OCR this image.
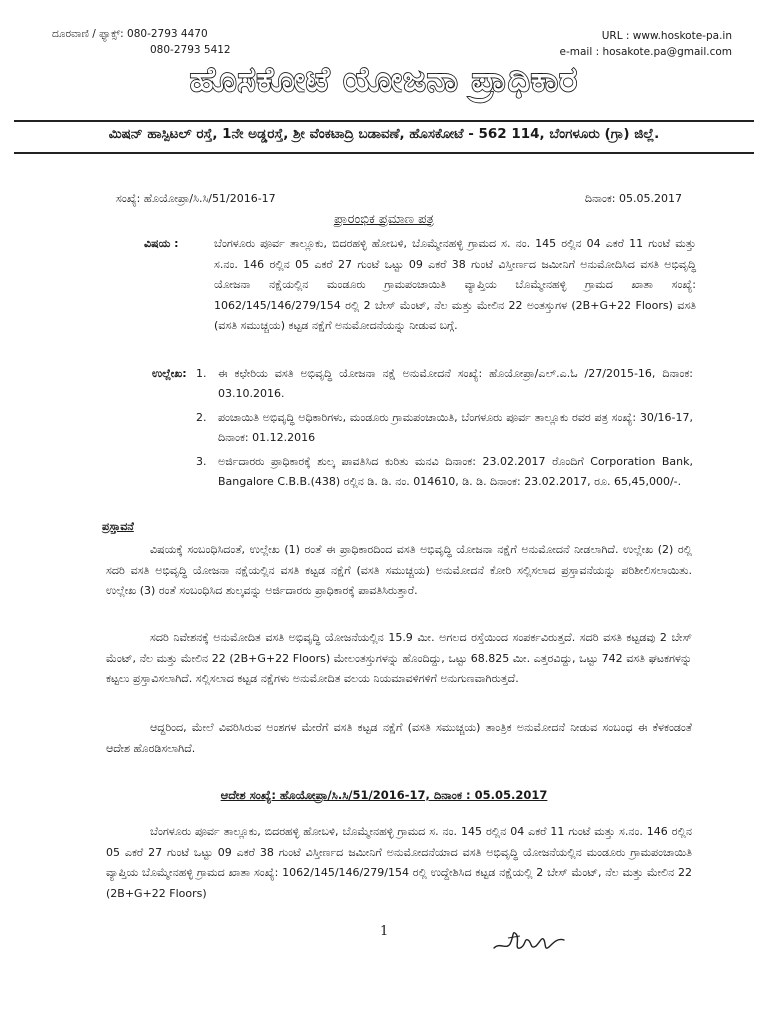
ದೂರವಾಣಿ / ಫ್ಯಾಕ್ಸ್: 080-2793 4470
080-2793 5412
URL : www.hoskote-pa.in
e-mail : hosakote.pa@gmail.com
ಹೊಸಕೋಟೆ ಯೋಜನಾ ಪ್ರಾಧಿಕಾರ
ಮಿಷನ್ ಹಾಸ್ಪಿಟಲ್ ರಸ್ತೆ, 1ನೇ ಅಡ್ಡರಸ್ತೆ, ಶ್ರೀ ವೆಂಕಟಾದ್ರಿ ಬಡಾವಣೆ, ಹೊಸಕೋಟೆ - 562 114, ಬೆಂಗಳೂರು (ಗ್ರಾ) ಜಿಲ್ಲೆ.
ಸಂಖ್ಯೆ: ಹೊಯೋಪ್ರಾ/ಸಿ.ಸಿ/51/2016-17	ದಿನಾಂಕ: 05.05.2017
ಪ್ರಾರಂಭಿಕ ಪ್ರಮಾಣ ಪತ್ರ
ವಿಷಯ :	ಬೆಂಗಳೂರು ಪೂರ್ವ ತಾಲ್ಲೂಕು, ಬಿದರಹಳ್ಳಿ ಹೋಬಳಿ, ಬೊಮ್ಮೇನಹಳ್ಳಿ ಗ್ರಾಮದ ಸ. ನಂ. 145 ರಲ್ಲಿನ 04 ಎಕರೆ 11 ಗುಂಟೆ ಮತ್ತು ಸ.ನಂ. 146 ರಲ್ಲಿನ 05 ಎಕರೆ 27 ಗುಂಟೆ ಒಟ್ಟು 09 ಎಕರೆ 38 ಗುಂಟೆ ವಿಸ್ತೀರ್ಣದ ಜಮೀನಿಗೆ ಅನುಮೋದಿಸಿದ ವಸತಿ ಅಭಿವೃದ್ಧಿ ಯೋಜನಾ ನಕ್ಷೆಯಲ್ಲಿನ ಮಂಡೂರು ಗ್ರಾಮಪಂಚಾಯಿತಿ ವ್ಯಾಪ್ತಿಯ ಬೊಮ್ಮೇನಹಳ್ಳಿ ಗ್ರಾಮದ ಖಾತಾ ಸಂಖ್ಯೆ: 1062/145/146/279/154 ರಲ್ಲಿ 2 ಬೇಸ್ ಮೆಂಟ್, ನೆಲ ಮತ್ತು ಮೇಲಿನ 22 ಅಂತಸ್ತುಗಳ (2B+G+22 Floors) ವಸತಿ (ವಸತಿ ಸಮುಚ್ಚಯ) ಕಟ್ಟಡ ನಕ್ಷೆಗೆ ಅನುಮೋದನೆಯನ್ನು ನೀಡುವ ಬಗ್ಗೆ.
ಉಲ್ಲೇಖ: 1. ಈ ಕಛೇರಿಯ ವಸತಿ ಅಭಿವೃದ್ಧಿ ಯೋಜನಾ ನಕ್ಷೆ ಅನುಮೋದನೆ ಸಂಖ್ಯೆ: ಹೊಯೋಪ್ರಾ/ಎಲ್.ಎ.ಓ /27/2015-16, ದಿನಾಂಕ: 03.10.2016.
2. ಪಂಚಾಯಿತಿ ಅಭಿವೃದ್ಧಿ ಅಧಿಕಾರಿಗಳು, ಮಂಡೂರು ಗ್ರಾಮಪಂಚಾಯಿತಿ, ಬೆಂಗಳೂರು ಪೂರ್ವ ತಾಲ್ಲೂಕು ರವರ ಪತ್ರ ಸಂಖ್ಯೆ: 30/16-17, ದಿನಾಂಕ: 01.12.2016
3. ಅರ್ಜಿದಾರರು ಪ್ರಾಧಿಕಾರಕ್ಕೆ ಶುಲ್ಕ ಪಾವತಿಸಿದ ಕುರಿತು ಮನವಿ ದಿನಾಂಕ: 23.02.2017 ರೊಂದಿಗೆ Corporation Bank, Bangalore C.B.B.(438) ರಲ್ಲಿನ ಡಿ. ಡಿ. ನಂ. 014610, ಡಿ. ಡಿ. ದಿನಾಂಕ: 23.02.2017, ರೂ. 65,45,000/-.
ಪ್ರಸ್ತಾವನೆ
ವಿಷಯಕ್ಕೆ ಸಂಬಂಧಿಸಿದಂತೆ, ಉಲ್ಲೇಖ (1) ರಂತೆ ಈ ಪ್ರಾಧಿಕಾರದಿಂದ ವಸತಿ ಅಭಿವೃದ್ಧಿ ಯೋಜನಾ ನಕ್ಷೆಗೆ ಅನುಮೋದನೆ ನೀಡಲಾಗಿದೆ. ಉಲ್ಲೇಖ (2) ರಲ್ಲಿ ಸದರಿ ವಸತಿ ಅಭಿವೃದ್ಧಿ ಯೋಜನಾ ನಕ್ಷೆಯಲ್ಲಿನ ವಸತಿ ಕಟ್ಟಡ ನಕ್ಷೆಗೆ (ವಸತಿ ಸಮುಚ್ಚಯ) ಅನುಮೋದನೆ ಕೋರಿ ಸಲ್ಲಿಸಲಾದ ಪ್ರಸ್ತಾವನೆಯನ್ನು ಪರಿಶೀಲಿಸಲಾಯಿತು. ಉಲ್ಲೇಖ (3) ರಂತೆ ಸಂಬಂಧಿಸಿದ ಶುಲ್ಕವನ್ನು ಅರ್ಜಿದಾರರು ಪ್ರಾಧಿಕಾರಕ್ಕೆ ಪಾವತಿಸಿರುತ್ತಾರೆ.
ಸದರಿ ನಿವೇಶನಕ್ಕೆ ಅನುಮೋದಿತ ವಸತಿ ಅಭಿವೃದ್ಧಿ ಯೋಜನೆಯಲ್ಲಿನ 15.9 ಮೀ. ಅಗಲದ ರಸ್ತೆಯಿಂದ ಸಂಪರ್ಕವಿರುತ್ತದೆ. ಸದರಿ ವಸತಿ ಕಟ್ಟಡವು 2 ಬೇಸ್ ಮೆಂಟ್, ನೆಲ ಮತ್ತು ಮೇಲಿನ 22 (2B+G+22 Floors) ಮೇಲಂತಸ್ತುಗಳನ್ನು ಹೊಂದಿದ್ದು, ಒಟ್ಟು 68.825 ಮೀ. ಎತ್ತರವಿದ್ದು, ಒಟ್ಟು 742 ವಸತಿ ಘಟಕಗಳನ್ನು ಕಟ್ಟಲು ಪ್ರಸ್ತಾವಿಸಲಾಗಿದೆ. ಸಲ್ಲಿಸಲಾದ ಕಟ್ಟಡ ನಕ್ಷೆಗಳು ಅನುಮೋದಿತ ವಲಯ ನಿಯಮಾವಳಿಗಳಿಗೆ ಅನುಗುಣವಾಗಿರುತ್ತದೆ.
ಆದ್ದರಿಂದ, ಮೇಲೆ ವಿವರಿಸಿರುವ ಅಂಶಗಳ ಮೇರೆಗೆ ವಸತಿ ಕಟ್ಟಡ ನಕ್ಷೆಗೆ (ವಸತಿ ಸಮುಚ್ಚಯ) ತಾಂತ್ರಿಕ ಅನುಮೋದನೆ ನೀಡುವ ಸಂಬಂಧ ಈ ಕೆಳಕಂಡಂತೆ ಆದೇಶ ಹೊರಡಿಸಲಾಗಿದೆ.
ಆದೇಶ ಸಂಖ್ಯೆ: ಹೊಯೋಪ್ರಾ/ಸಿ.ಸಿ/51/2016-17, ದಿನಾಂಕ : 05.05.2017
ಬೆಂಗಳೂರು ಪೂರ್ವ ತಾಲ್ಲೂಕು, ಬಿದರಹಳ್ಳಿ ಹೋಬಳಿ, ಬೊಮ್ಮೇನಹಳ್ಳಿ ಗ್ರಾಮದ ಸ. ನಂ. 145 ರಲ್ಲಿನ 04 ಎಕರೆ 11 ಗುಂಟೆ ಮತ್ತು ಸ.ನಂ. 146 ರಲ್ಲಿನ 05 ಎಕರೆ 27 ಗುಂಟೆ ಒಟ್ಟು 09 ಎಕರೆ 38 ಗುಂಟೆ ವಿಸ್ತೀರ್ಣದ ಜಮೀನಿಗೆ ಅನುಮೋದನೆಯಾದ ವಸತಿ ಅಭಿವೃದ್ಧಿ ಯೋಜನೆಯಲ್ಲಿನ ಮಂಡೂರು ಗ್ರಾಮಪಂಚಾಯಿತಿ ವ್ಯಾಪ್ತಿಯ ಬೊಮ್ಮೇನಹಳ್ಳಿ ಗ್ರಾಮದ ಖಾತಾ ಸಂಖ್ಯೆ: 1062/145/146/279/154 ರಲ್ಲಿ ಉದ್ದೇಶಿಸಿದ ಕಟ್ಟಡ ನಕ್ಷೆಯಲ್ಲಿ 2 ಬೇಸ್ ಮೆಂಟ್, ನೆಲ ಮತ್ತು ಮೇಲಿನ 22 (2B+G+22 Floors)
1
